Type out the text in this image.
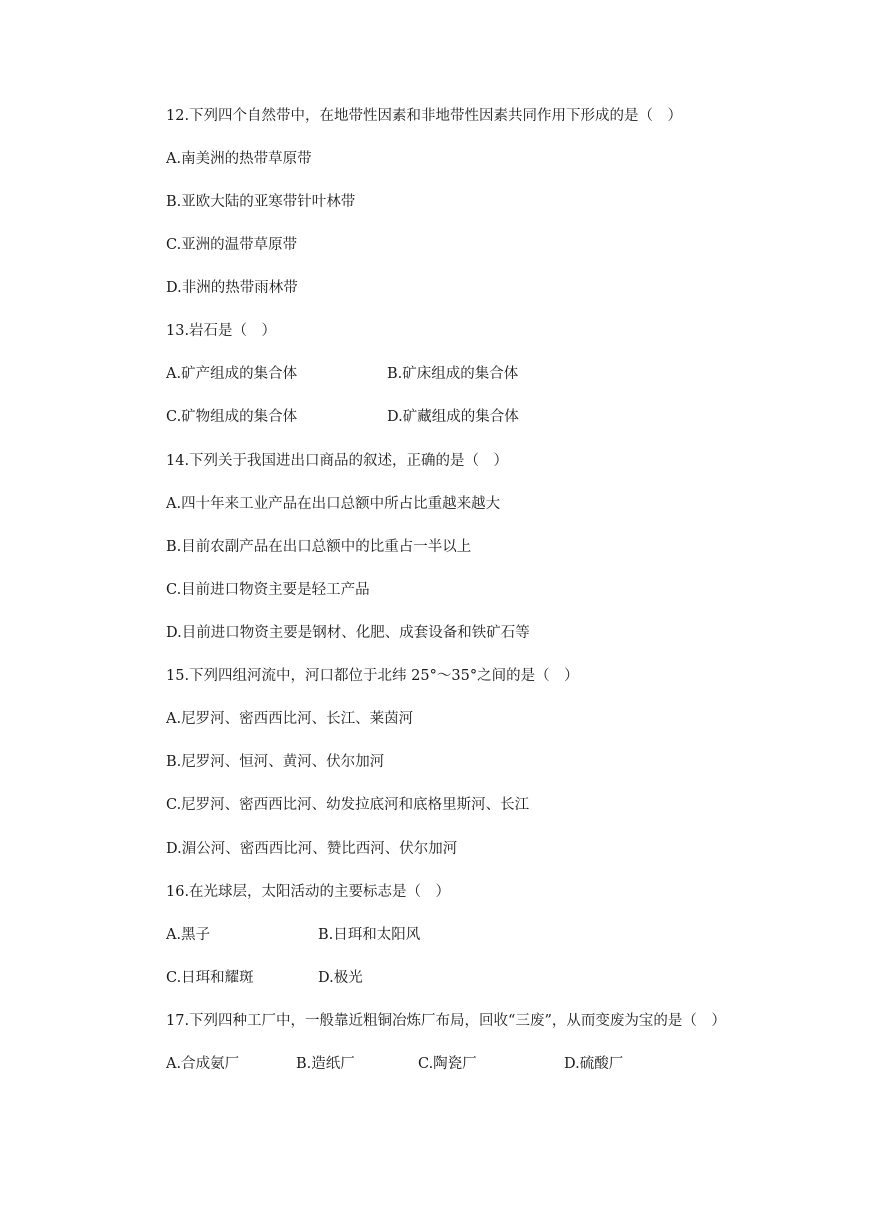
12.下列四个自然带中，在地带性因素和非地带性因素共同作用下形成的是（　）
A.南美洲的热带草原带
B.亚欧大陆的亚寒带针叶林带
C.亚洲的温带草原带
D.非洲的热带雨林带
13.岩石是（　）
A.矿产组成的集合体	B.矿床组成的集合体
C.矿物组成的集合体	D.矿藏组成的集合体
14.下列关于我国进出口商品的叙述，正确的是（　）
A.四十年来工业产品在出口总额中所占比重越来越大
B.目前农副产品在出口总额中的比重占一半以上
C.目前进口物资主要是轻工产品
D.目前进口物资主要是钢材、化肥、成套设备和铁矿石等
15.下列四组河流中，河口都位于北纬 25°～35°之间的是（　）
A.尼罗河、密西西比河、长江、莱茵河
B.尼罗河、恒河、黄河、伏尔加河
C.尼罗河、密西西比河、幼发拉底河和底格里斯河、长江
D.湄公河、密西西比河、赞比西河、伏尔加河
16.在光球层，太阳活动的主要标志是（　）
A.黑子	B.日珥和太阳风
C.日珥和耀斑	D.极光
17.下列四种工厂中，一般靠近粗铜冶炼厂布局，回收“三废”，从而变废为宝的是（　）
A.合成氨厂	B.造纸厂	C.陶瓷厂	D.硫酸厂
